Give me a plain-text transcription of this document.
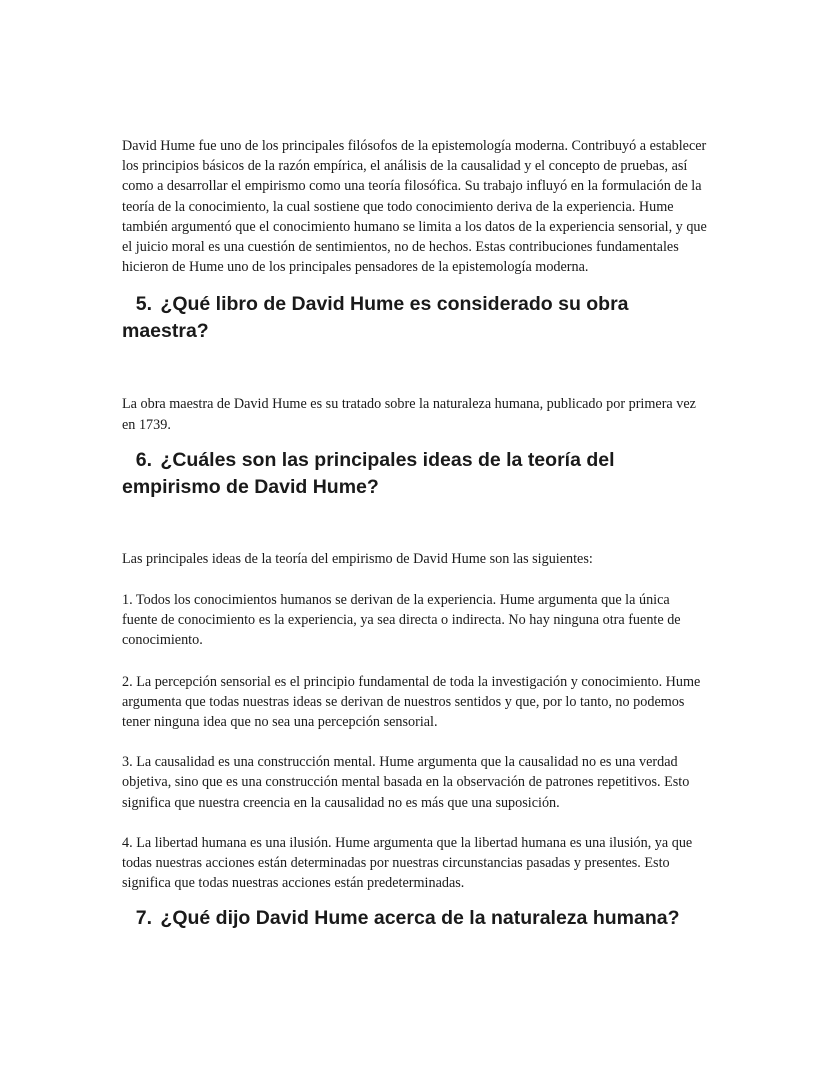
David Hume fue uno de los principales filósofos de la epistemología moderna. Contribuyó a establecer los principios básicos de la razón empírica, el análisis de la causalidad y el concepto de pruebas, así como a desarrollar el empirismo como una teoría filosófica. Su trabajo influyó en la formulación de la teoría de la conocimiento, la cual sostiene que todo conocimiento deriva de la experiencia. Hume también argumentó que el conocimiento humano se limita a los datos de la experiencia sensorial, y que el juicio moral es una cuestión de sentimientos, no de hechos. Estas contribuciones fundamentales hicieron de Hume uno de los principales pensadores de la epistemología moderna.

5. ¿Qué libro de David Hume es considerado su obra maestra?

La obra maestra de David Hume es su tratado sobre la naturaleza humana, publicado por primera vez en 1739.

6. ¿Cuáles son las principales ideas de la teoría del empirismo de David Hume?

Las principales ideas de la teoría del empirismo de David Hume son las siguientes:

1. Todos los conocimientos humanos se derivan de la experiencia. Hume argumenta que la única fuente de conocimiento es la experiencia, ya sea directa o indirecta. No hay ninguna otra fuente de conocimiento.

2. La percepción sensorial es el principio fundamental de toda la investigación y conocimiento. Hume argumenta que todas nuestras ideas se derivan de nuestros sentidos y que, por lo tanto, no podemos tener ninguna idea que no sea una percepción sensorial.

3. La causalidad es una construcción mental. Hume argumenta que la causalidad no es una verdad objetiva, sino que es una construcción mental basada en la observación de patrones repetitivos. Esto significa que nuestra creencia en la causalidad no es más que una suposición.

4. La libertad humana es una ilusión. Hume argumenta que la libertad humana es una ilusión, ya que todas nuestras acciones están determinadas por nuestras circunstancias pasadas y presentes. Esto significa que todas nuestras acciones están predeterminadas.

7. ¿Qué dijo David Hume acerca de la naturaleza humana?
